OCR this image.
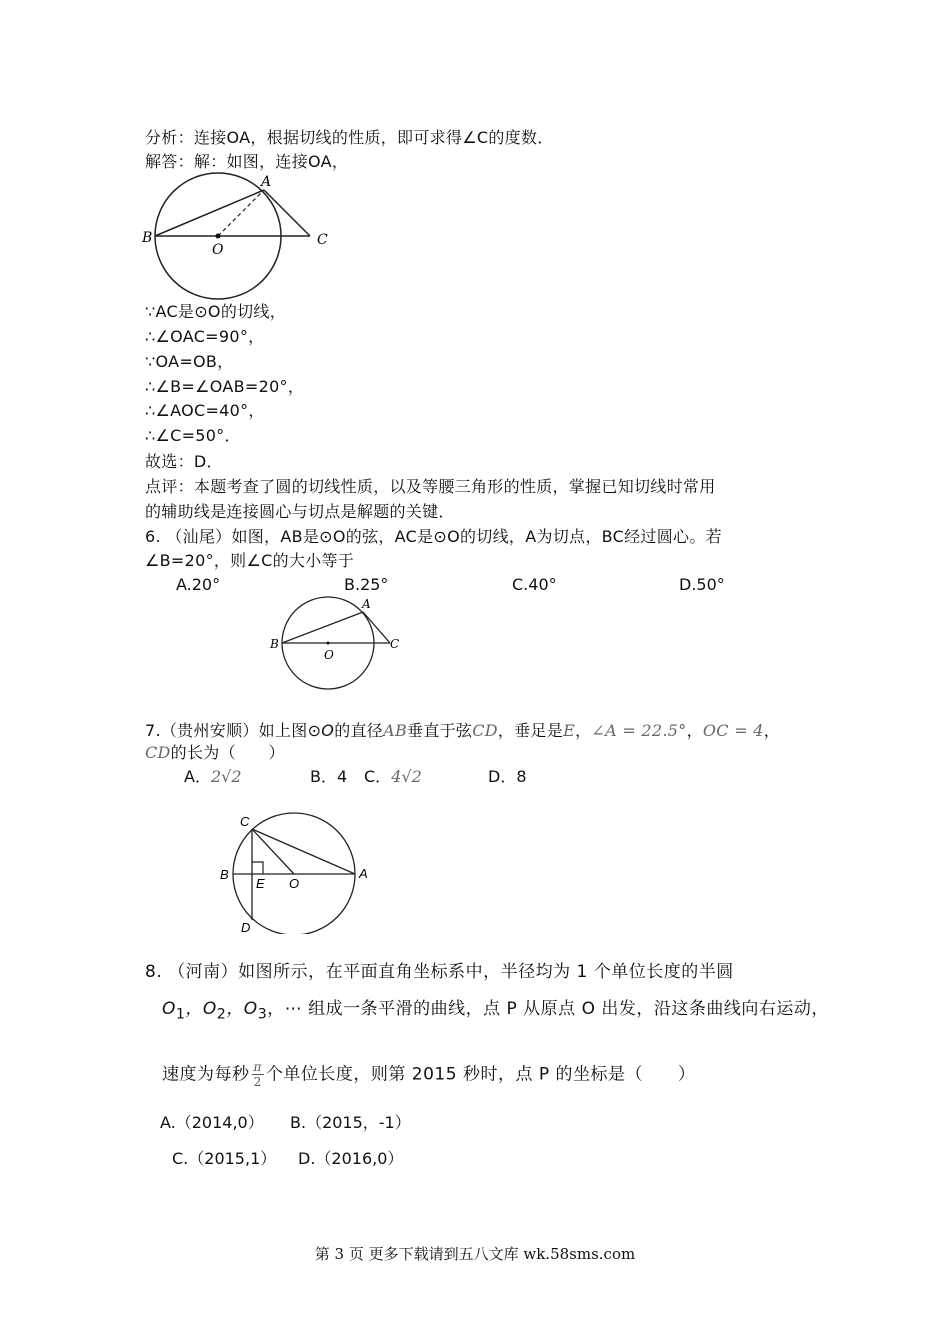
分析：连接OA，根据切线的性质，即可求得∠C的度数．
解答：解：如图，连接OA，
A
B
O
C
∵AC是⊙O的切线，
∴∠OAC=90°，
∵OA=OB，
∴∠B=∠OAB=20°，
∴∠AOC=40°，
∴∠C=50°．
故选：D．
点评：本题考查了圆的切线性质，以及等腰三角形的性质，掌握已知切线时常用
的辅助线是连接圆心与切点是解题的关键．
6. （汕尾）如图，AB是⊙O的弦，AC是⊙O的切线，A为切点，BC经过圆心。若
∠B=20°，则∠C的大小等于
A.20°	B.25°	C.40°	D.50°
A
B
O
C
7.（贵州安顺）如上图⊙O的直径AB垂直于弦CD，垂足是E，∠A = 22.5°，OC = 4，
CD的长为（　　）
A．2√2	B．4 C．4√2	D．8
C
B
E O
A
D
8. （河南）如图所示，在平面直角坐标系中，半径均为 1 个单位长度的半圆
$O_1$，$O_2$，$O_3$，⋯ 组成一条平滑的曲线，点 P 从原点 O 出发，沿这条曲线向右运动，
速度为每秒 $\frac{\pi}{2}$ 个单位长度，则第 2015 秒时，点 P 的坐标是（　　）
A.（2014,0） B.（2015，-1）
C.（2015,1） D.（2016,0）
第 3 页 更多下载请到五八文库 wk.58sms.com
